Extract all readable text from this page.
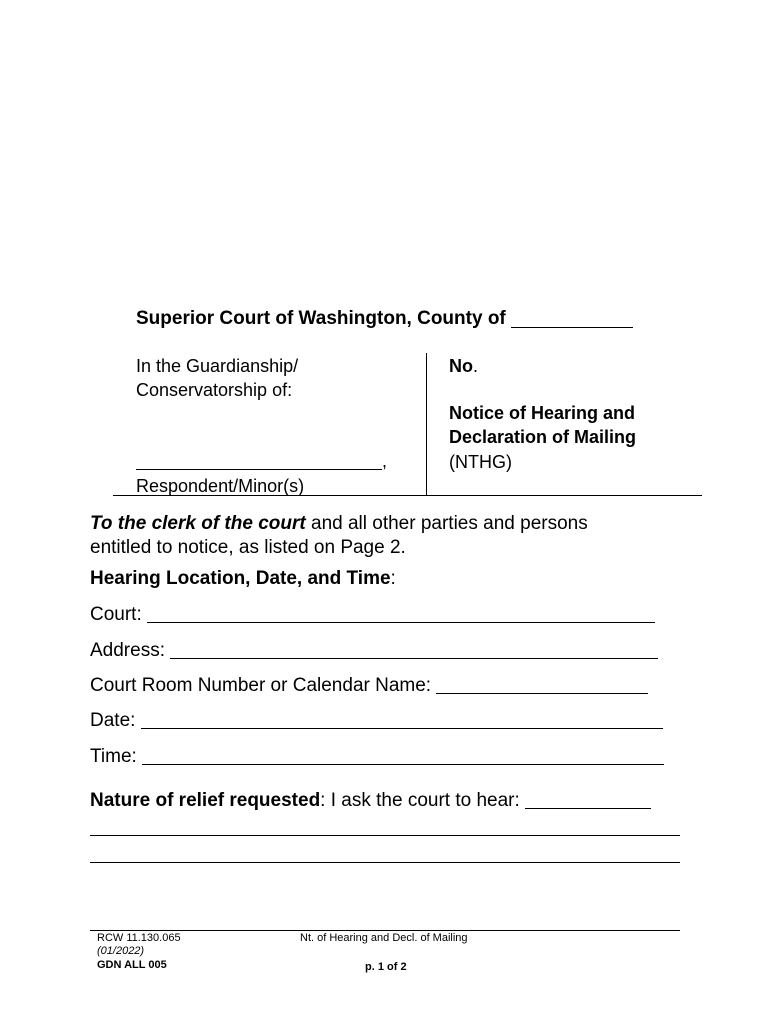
Superior Court of Washington, County of
In the Guardianship/
Conservatorship of:
,
Respondent/Minor(s)
No.
Notice of Hearing and
Declaration of Mailing
(NTHG)
To the clerk of the court and all other parties and persons
entitled to notice, as listed on Page 2.
Hearing Location, Date, and Time:
Court:
Address:
Court Room Number or Calendar Name:
Date:
Time:
Nature of relief requested: I ask the court to hear:
RCW 11.130.065
(01/2022)
GDN ALL 005
Nt. of Hearing and Decl. of Mailing
p. 1 of 2
